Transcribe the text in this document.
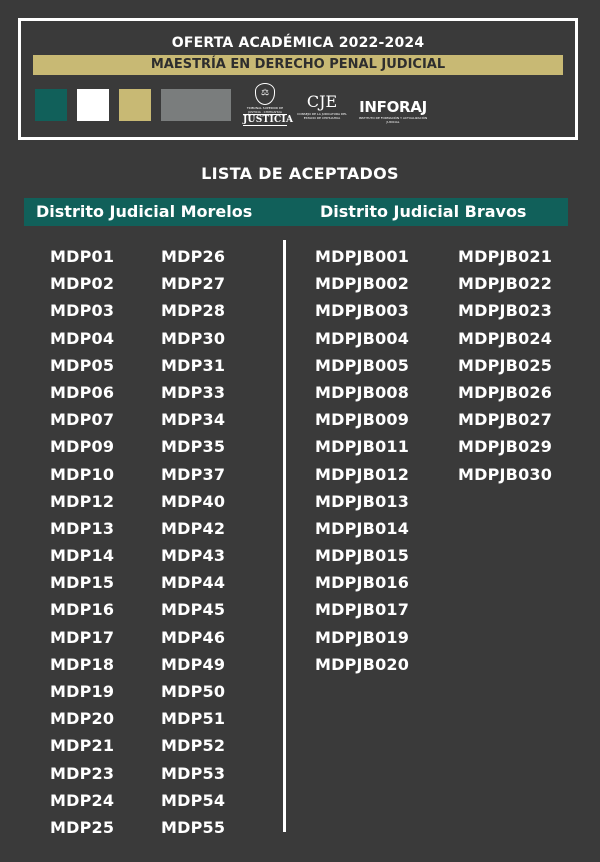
OFERTA ACADÉMICA 2022-2024
MAESTRÍA EN DERECHO PENAL JUDICIAL
⚖
TRIBUNAL SUPERIOR DE JUSTICIA · CHIHUAHUA
JUSTICIA
CJE
CONSEJO DE LA JUDICATURA DEL ESTADO DE CHIHUAHUA
INFORAJ
INSTITUTO DE FORMACIÓN Y ACTUALIZACIÓN JUDICIAL
LISTA DE ACEPTADOS
Distrito Judicial Morelos	Distrito Judicial Bravos
MDP01
MDP02
MDP03
MDP04
MDP05
MDP06
MDP07
MDP09
MDP10
MDP12
MDP13
MDP14
MDP15
MDP16
MDP17
MDP18
MDP19
MDP20
MDP21
MDP23
MDP24
MDP25
MDP26
MDP27
MDP28
MDP30
MDP31
MDP33
MDP34
MDP35
MDP37
MDP40
MDP42
MDP43
MDP44
MDP45
MDP46
MDP49
MDP50
MDP51
MDP52
MDP53
MDP54
MDP55
MDPJB001
MDPJB002
MDPJB003
MDPJB004
MDPJB005
MDPJB008
MDPJB009
MDPJB011
MDPJB012
MDPJB013
MDPJB014
MDPJB015
MDPJB016
MDPJB017
MDPJB019
MDPJB020
MDPJB021
MDPJB022
MDPJB023
MDPJB024
MDPJB025
MDPJB026
MDPJB027
MDPJB029
MDPJB030
